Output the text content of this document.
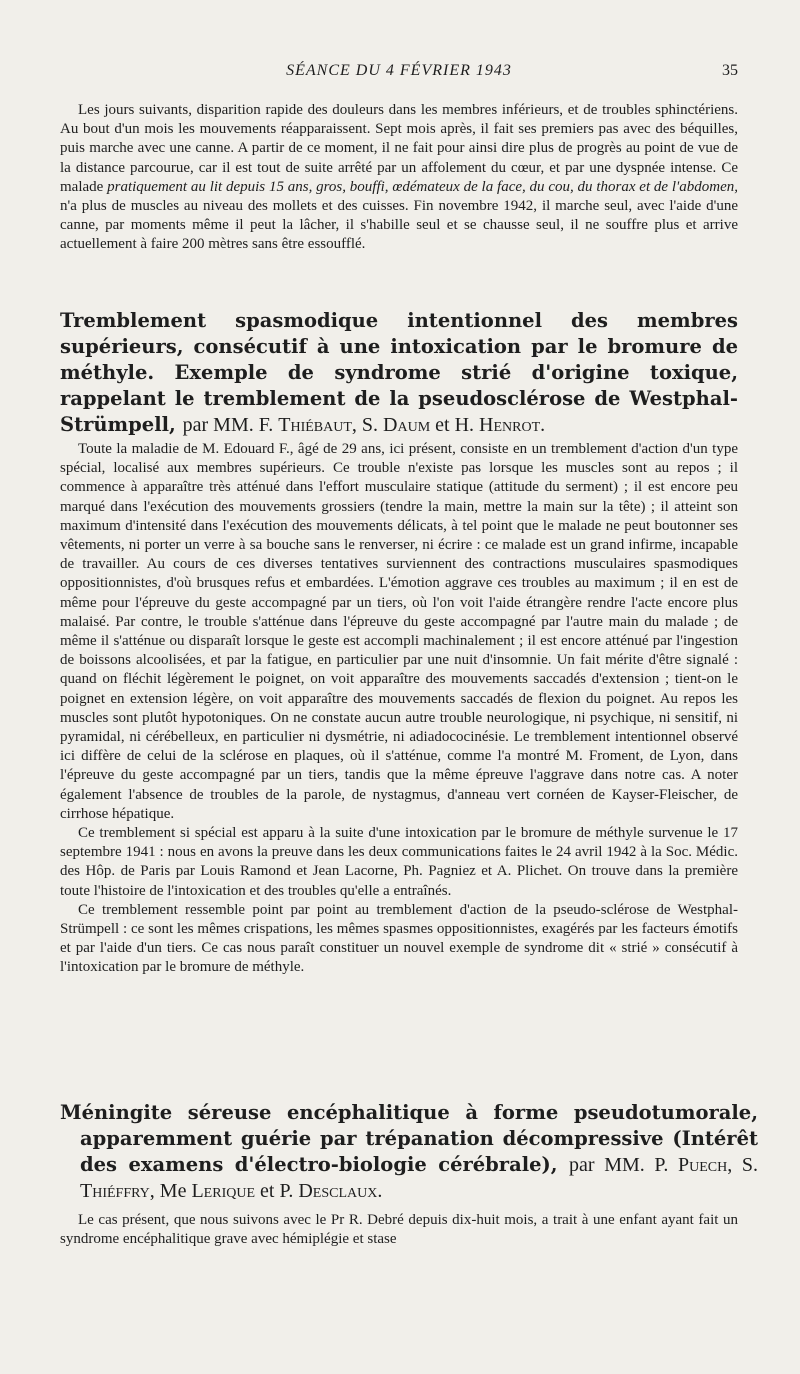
SÉANCE DU 4 FÉVRIER 1943	35

Les jours suivants, disparition rapide des douleurs dans les membres inférieurs, et de troubles sphinctériens. Au bout d'un mois les mouvements réapparaissent. Sept mois après, il fait ses premiers pas avec des béquilles, puis marche avec une canne. A partir de ce moment, il ne fait pour ainsi dire plus de progrès au point de vue de la distance parcourue, car il est tout de suite arrêté par un affolement du cœur, et par une dyspnée intense. Ce malade pratiquement au lit depuis 15 ans, gros, bouffi, œdémateux de la face, du cou, du thorax et de l'abdomen, n'a plus de muscles au niveau des mollets et des cuisses. Fin novembre 1942, il marche seul, avec l'aide d'une canne, par moments même il peut la lâcher, il s'habille seul et se chausse seul, il ne souffre plus et arrive actuellement à faire 200 mètres sans être essoufflé.

Tremblement spasmodique intentionnel des membres supérieurs, consécutif à une intoxication par le bromure de méthyle. Exemple de syndrome strié d'origine toxique, rappelant le tremblement de la pseudosclérose de Westphal-Strümpell, par MM. F. Thiébaut, S. Daum et H. Henrot.

Toute la maladie de M. Edouard F., âgé de 29 ans, ici présent, consiste en un tremblement d'action d'un type spécial, localisé aux membres supérieurs. Ce trouble n'existe pas lorsque les muscles sont au repos ; il commence à apparaître très atténué dans l'effort musculaire statique (attitude du serment) ; il est encore peu marqué dans l'exécution des mouvements grossiers (tendre la main, mettre la main sur la tête) ; il atteint son maximum d'intensité dans l'exécution des mouvements délicats, à tel point que le malade ne peut boutonner ses vêtements, ni porter un verre à sa bouche sans le renverser, ni écrire : ce malade est un grand infirme, incapable de travailler. Au cours de ces diverses tentatives surviennent des contractions musculaires spasmodiques oppositionnistes, d'où brusques refus et embardées. L'émotion aggrave ces troubles au maximum ; il en est de même pour l'épreuve du geste accompagné par un tiers, où l'on voit l'aide étrangère rendre l'acte encore plus malaisé. Par contre, le trouble s'atténue dans l'épreuve du geste accompagné par l'autre main du malade ; de même il s'atténue ou disparaît lorsque le geste est accompli machinalement ; il est encore atténué par l'ingestion de boissons alcoolisées, et par la fatigue, en particulier par une nuit d'insomnie. Un fait mérite d'être signalé : quand on fléchit légèrement le poignet, on voit apparaître des mouvements saccadés d'extension ; tient-on le poignet en extension légère, on voit apparaître des mouvements saccadés de flexion du poignet. Au repos les muscles sont plutôt hypotoniques. On ne constate aucun autre trouble neurologique, ni psychique, ni sensitif, ni pyramidal, ni cérébelleux, en particulier ni dysmétrie, ni adiadococinésie. Le tremblement intentionnel observé ici diffère de celui de la sclérose en plaques, où il s'atténue, comme l'a montré M. Froment, de Lyon, dans l'épreuve du geste accompagné par un tiers, tandis que la même épreuve l'aggrave dans notre cas. A noter également l'absence de troubles de la parole, de nystagmus, d'anneau vert cornéen de Kayser-Fleischer, de cirrhose hépatique.

Ce tremblement si spécial est apparu à la suite d'une intoxication par le bromure de méthyle survenue le 17 septembre 1941 : nous en avons la preuve dans les deux communications faites le 24 avril 1942 à la Soc. Médic. des Hôp. de Paris par Louis Ramond et Jean Lacorne, Ph. Pagniez et A. Plichet. On trouve dans la première toute l'histoire de l'intoxication et des troubles qu'elle a entraînés.

Ce tremblement ressemble point par point au tremblement d'action de la pseudo-sclérose de Westphal-Strümpell : ce sont les mêmes crispations, les mêmes spasmes oppositionnistes, exagérés par les facteurs émotifs et par l'aide d'un tiers. Ce cas nous paraît constituer un nouvel exemple de syndrome dit « strié » consécutif à l'intoxication par le bromure de méthyle.

Méningite séreuse encéphalitique à forme pseudotumorale, apparemment guérie par trépanation décompressive (Intérêt des examens d'électro-biologie cérébrale), par MM. P. Puech, S. Thiéffry, Me Lerique et P. Desclaux.

Le cas présent, que nous suivons avec le Pr R. Debré depuis dix-huit mois, a trait à une enfant ayant fait un syndrome encéphalitique grave avec hémiplégie et stase
